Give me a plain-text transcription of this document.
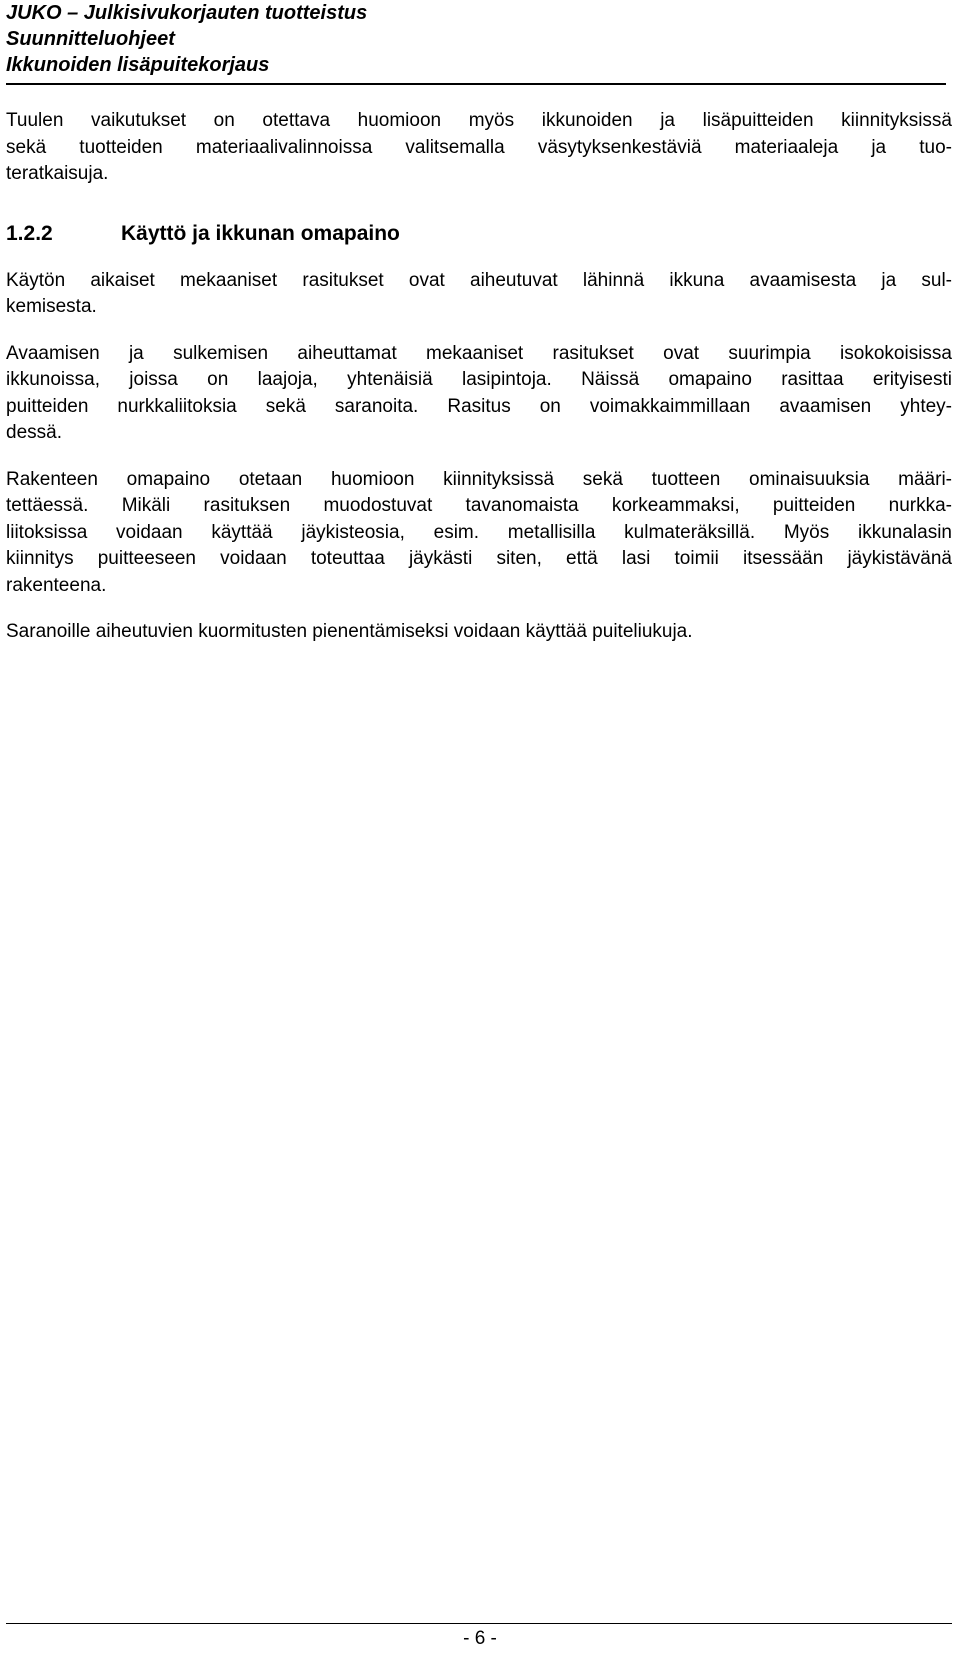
JUKO – Julkisivukorjauten tuotteistus
Suunnitteluohjeet
Ikkunoiden lisäpuitekorjaus
Tuulen vaikutukset on otettava huomioon myös ikkunoiden ja lisäpuitteiden kiinnityksissä
sekä tuotteiden materiaalivalinnoissa valitsemalla väsytyksenkestäviä materiaaleja ja tuo-
teratkaisuja.
1.2.2	Käyttö ja ikkunan omapaino
Käytön aikaiset mekaaniset rasitukset ovat aiheutuvat lähinnä ikkuna avaamisesta ja sul-
kemisesta.
Avaamisen ja sulkemisen aiheuttamat mekaaniset rasitukset ovat suurimpia isokokoisissa
ikkunoissa, joissa on laajoja, yhtenäisiä lasipintoja. Näissä omapaino rasittaa erityisesti
puitteiden nurkkaliitoksia sekä saranoita. Rasitus on voimakkaimmillaan avaamisen yhtey-
dessä.
Rakenteen omapaino otetaan huomioon kiinnityksissä sekä tuotteen ominaisuuksia määri-
tettäessä. Mikäli rasituksen muodostuvat tavanomaista korkeammaksi, puitteiden nurkka-
liitoksissa voidaan käyttää jäykisteosia, esim. metallisilla kulmateräksillä. Myös ikkunalasin
kiinnitys puitteeseen voidaan toteuttaa jäykästi siten, että lasi toimii itsessään jäykistävänä
rakenteena.
Saranoille aiheutuvien kuormitusten pienentämiseksi voidaan käyttää puiteliukuja.
- 6 -
